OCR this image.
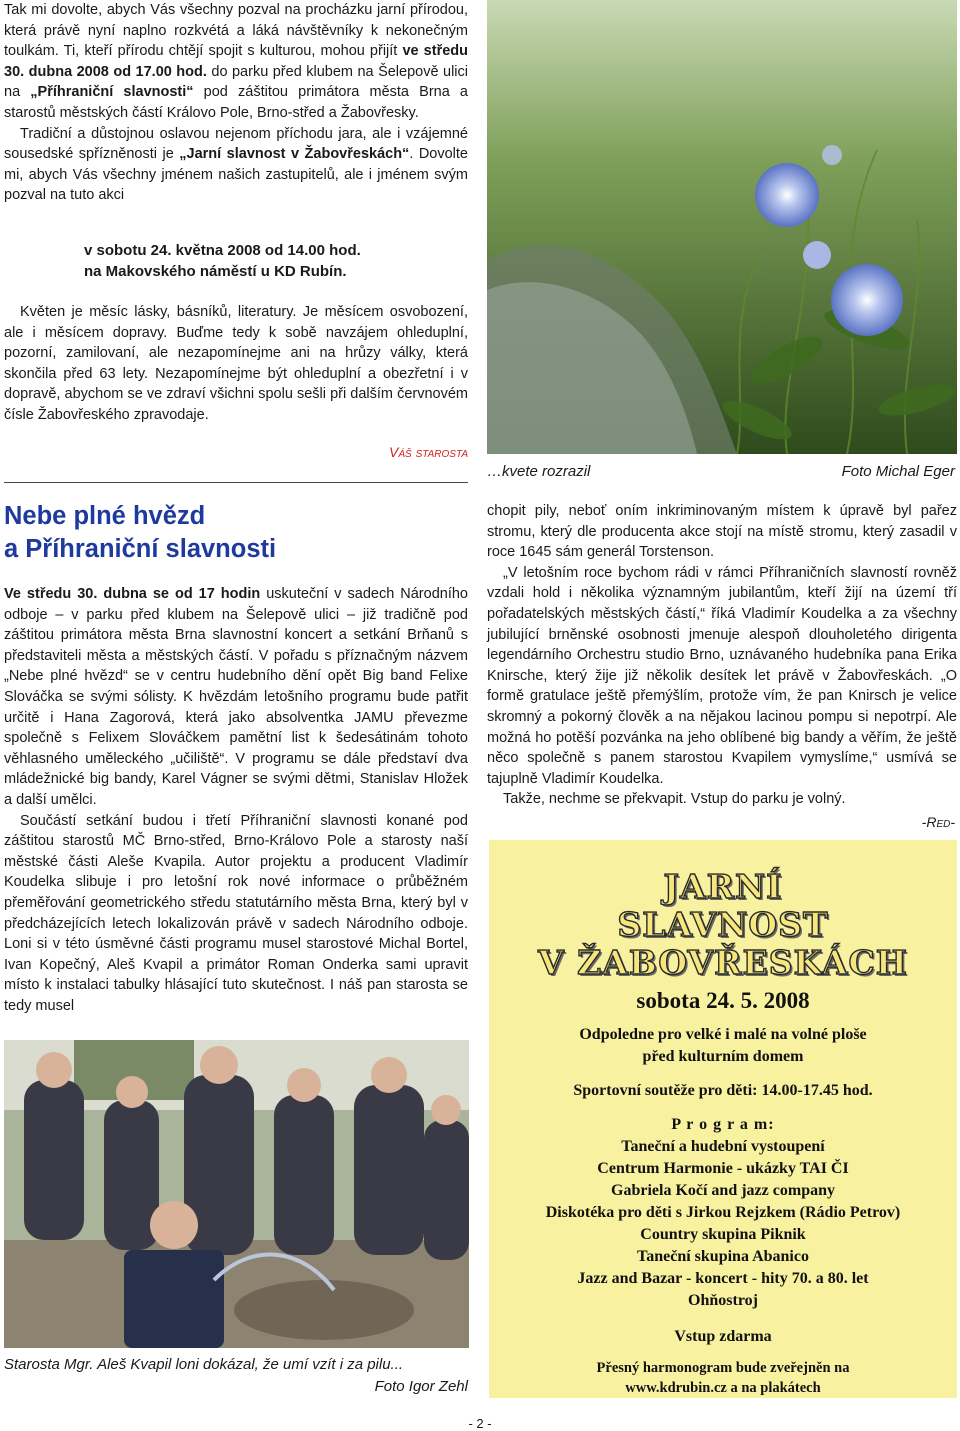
Tak mi dovolte, abych Vás všechny pozval na procházku jarní přírodou, která právě nyní naplno rozkvétá a láká návštěvníky k nekonečným toulkám. Ti, kteří přírodu chtějí spojit s kulturou, mohou přijít ve středu 30. dubna 2008 od 17.00 hod. do parku před klubem na Šelepově ulici na „Příhraniční slavnosti“ pod záštitou primátora města Brna a starostů městských částí Královo Pole, Brno-střed a Žabovřesky.

Tradiční a důstojnou oslavou nejenom příchodu jara, ale i vzájemné sousedské spřízněnosti je „Jarní slavnost v Žabovřeskách“. Dovolte mi, abych Vás všechny jménem našich zastupitelů, ale i jménem svým pozval na tuto akci

v sobotu 24. května 2008 od 14.00 hod.
na Makovského náměstí u KD Rubín.

Květen je měsíc lásky, básníků, literatury. Je měsícem osvobození, ale i měsícem dopravy. Buďme tedy k sobě navzájem ohleduplní, pozorní, zamilovaní, ale nezapomínejme ani na hrůzy války, která skončila před 63 lety. Nezapomínejme být ohleduplní a obezřetní i v dopravě, abychom se ve zdraví všichni spolu sešli při dalším červnovém čísle Žabovřeského zpravodaje.

Váš starosta
Nebe plné hvězd
a Příhraniční slavnosti

Ve středu 30. dubna se od 17 hodin uskuteční v sadech Národního odboje – v parku před klubem na Šelepově ulici – již tradičně pod záštitou primátora města Brna slavnostní koncert a setkání Brňanů s představiteli města a městských částí. V pořadu s příznačným názvem „Nebe plné hvězd“ se v centru hudebního dění opět Big band Felixe Slováčka se svými sólisty. K hvězdám letošního programu bude patřit určitě i Hana Zagorová, která jako absolventka JAMU převezme společně s Felixem Slováčkem pamětní list k šedesátinám tohoto věhlasného uměleckého „učiliště“. V programu se dále představí dva mládežnické big bandy, Karel Vágner se svými dětmi, Stanislav Hložek a další umělci.

Součástí setkání budou i třetí Příhraniční slavnosti konané pod záštitou starostů MČ Brno-střed, Brno-Královo Pole a starosty naší městské části Aleše Kvapila. Autor projektu a producent Vladimír Koudelka slibuje i pro letošní rok nové informace o průběžném přeměřování geometrického středu statutárního města Brna, který byl v předcházejících letech lokalizován právě v sadech Národního odboje. Loni si v této úsměvné části programu musel starostové Michal Bortel, Ivan Kopečný, Aleš Kvapil a primátor Roman Onderka sami upravit místo k instalaci tabulky hlásající tuto skutečnost. I náš pan starosta se tedy musel

…kvete rozrazil	Foto Michal Eger

chopit pily, neboť oním inkriminovaným místem k úpravě byl pařez stromu, který dle producenta akce stojí na místě stromu, který zasadil v roce 1645 sám generál Torstenson.

„V letošním roce bychom rádi v rámci Příhraničních slavností rovněž vzdali hold i několika významným jubilantům, kteří žijí na území tří pořadatelských městských částí,“ říká Vladimír Koudelka a za všechny jubilující brněnské osobnosti jmenuje alespoň dlouholetého dirigenta legendárního Orchestru studio Brno, uznávaného hudebníka pana Erika Knirsche, který žije již několik desítek let právě v Žabovřeskách. „O formě gratulace ještě přemýšlím, protože vím, že pan Knirsch je velice skromný a pokorný člověk a na nějakou lacinou pompu si nepotrpí. Ale možná ho potěší pozvánka na jeho oblíbené big bandy a věřím, že ještě něco společně s panem starostou Kvapilem vymyslíme,“ usmívá se tajuplně Vladimír Koudelka.

Takže, nechme se překvapit. Vstup do parku je volný.

-Red-
Starosta Mgr. Aleš Kvapil loni dokázal, že umí vzít i za pilu...
Foto Igor Zehl
JARNÍ
SLAVNOST
V ŽABOVŘESKÁCH
sobota 24. 5. 2008
Odpoledne pro velké i malé na volné ploše
před kulturním domem
Sportovní soutěže pro děti: 14.00-17.45 hod.
P r o g r a m:
Taneční a hudební vystoupení
Centrum Harmonie - ukázky TAI ČI
Gabriela Kočí and jazz company
Diskotéka pro děti s Jirkou Rejzkem (Rádio Petrov)
Country skupina Piknik
Taneční skupina Abanico
Jazz and Bazar - koncert - hity 70. a 80. let
Ohňostroj
Vstup zdarma
Přesný harmonogram bude zveřejněn na
www.kdrubin.cz a na plakátech
- 2 -
